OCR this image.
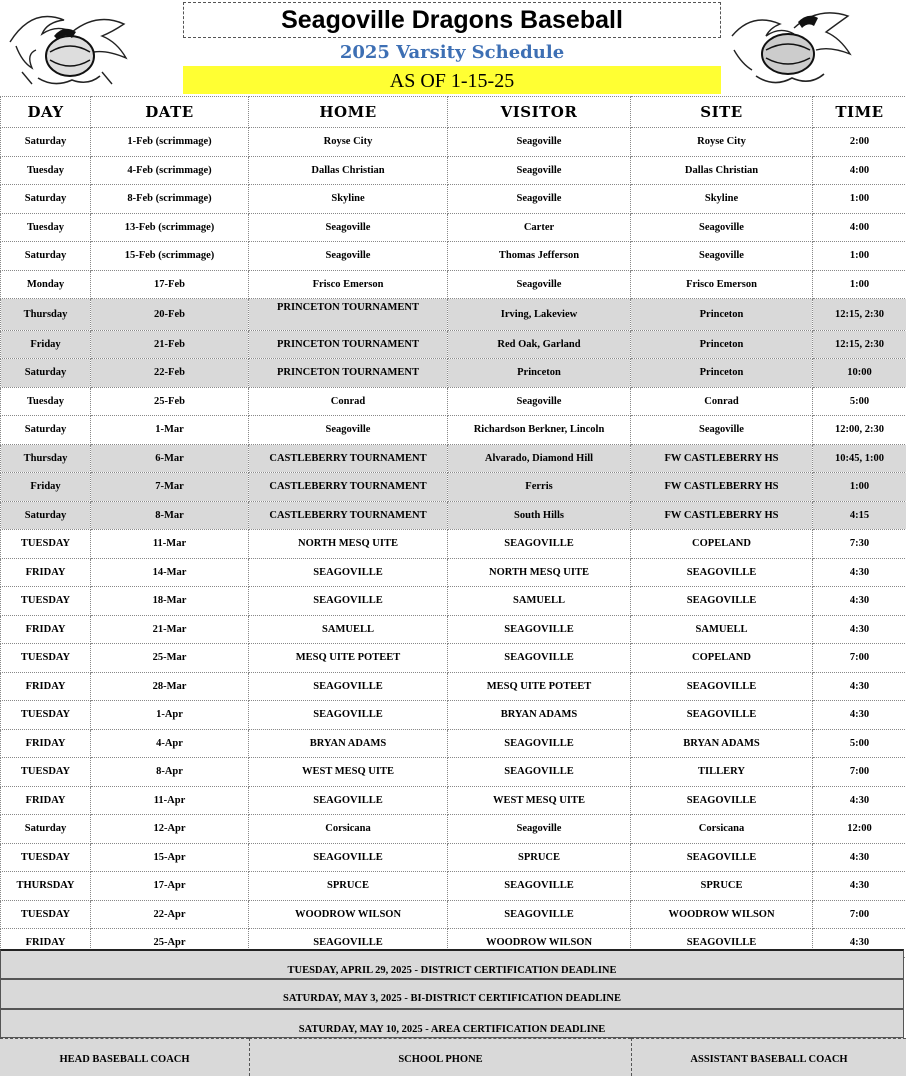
Seagoville Dragons Baseball
2025 Varsity Schedule
AS OF 1-15-25
DAY	DATE	HOME	VISITOR	SITE	TIME
Saturday	1-Feb (scrimmage)	Royse City	Seagoville	Royse City	2:00
Tuesday	4-Feb (scrimmage)	Dallas Christian	Seagoville	Dallas Christian	4:00
Saturday	8-Feb (scrimmage)	Skyline	Seagoville	Skyline	1:00
Tuesday	13-Feb (scrimmage)	Seagoville	Carter	Seagoville	4:00
Saturday	15-Feb (scrimmage)	Seagoville	Thomas Jefferson	Seagoville	1:00
Monday	17-Feb	Frisco Emerson	Seagoville	Frisco Emerson	1:00
Thursday	20-Feb	PRINCETON TOURNAMENT	Irving, Lakeview	Princeton	12:15, 2:30
Friday	21-Feb	PRINCETON TOURNAMENT	Red Oak, Garland	Princeton	12:15, 2:30
Saturday	22-Feb	PRINCETON TOURNAMENT	Princeton	Princeton	10:00
Tuesday	25-Feb	Conrad	Seagoville	Conrad	5:00
Saturday	1-Mar	Seagoville	Richardson Berkner, Lincoln	Seagoville	12:00, 2:30
Thursday	6-Mar	CASTLEBERRY TOURNAMENT	Alvarado, Diamond Hill	FW CASTLEBERRY HS	10:45, 1:00
Friday	7-Mar	CASTLEBERRY TOURNAMENT	Ferris	FW CASTLEBERRY HS	1:00
Saturday	8-Mar	CASTLEBERRY TOURNAMENT	South Hills	FW CASTLEBERRY HS	4:15
TUESDAY	11-Mar	NORTH MESQ UITE	SEAGOVILLE	COPELAND	7:30
FRIDAY	14-Mar	SEAGOVILLE	NORTH MESQ UITE	SEAGOVILLE	4:30
TUESDAY	18-Mar	SEAGOVILLE	SAMUELL	SEAGOVILLE	4:30
FRIDAY	21-Mar	SAMUELL	SEAGOVILLE	SAMUELL	4:30
TUESDAY	25-Mar	MESQ UITE POTEET	SEAGOVILLE	COPELAND	7:00
FRIDAY	28-Mar	SEAGOVILLE	MESQ UITE POTEET	SEAGOVILLE	4:30
TUESDAY	1-Apr	SEAGOVILLE	BRYAN ADAMS	SEAGOVILLE	4:30
FRIDAY	4-Apr	BRYAN ADAMS	SEAGOVILLE	BRYAN ADAMS	5:00
TUESDAY	8-Apr	WEST MESQ UITE	SEAGOVILLE	TILLERY	7:00
FRIDAY	11-Apr	SEAGOVILLE	WEST MESQ UITE	SEAGOVILLE	4:30
Saturday	12-Apr	Corsicana	Seagoville	Corsicana	12:00
TUESDAY	15-Apr	SEAGOVILLE	SPRUCE	SEAGOVILLE	4:30
THURSDAY	17-Apr	SPRUCE	SEAGOVILLE	SPRUCE	4:30
TUESDAY	22-Apr	WOODROW WILSON	SEAGOVILLE	WOODROW WILSON	7:00
FRIDAY	25-Apr	SEAGOVILLE	WOODROW WILSON	SEAGOVILLE	4:30
TUESDAY, APRIL 29, 2025 - DISTRICT CERTIFICATION DEADLINE
SATURDAY, MAY 3, 2025 - BI-DISTRICT CERTIFICATION DEADLINE
SATURDAY, MAY 10, 2025 - AREA CERTIFICATION DEADLINE
HEAD BASEBALL COACH	SCHOOL PHONE	ASSISTANT BASEBALL COACH
